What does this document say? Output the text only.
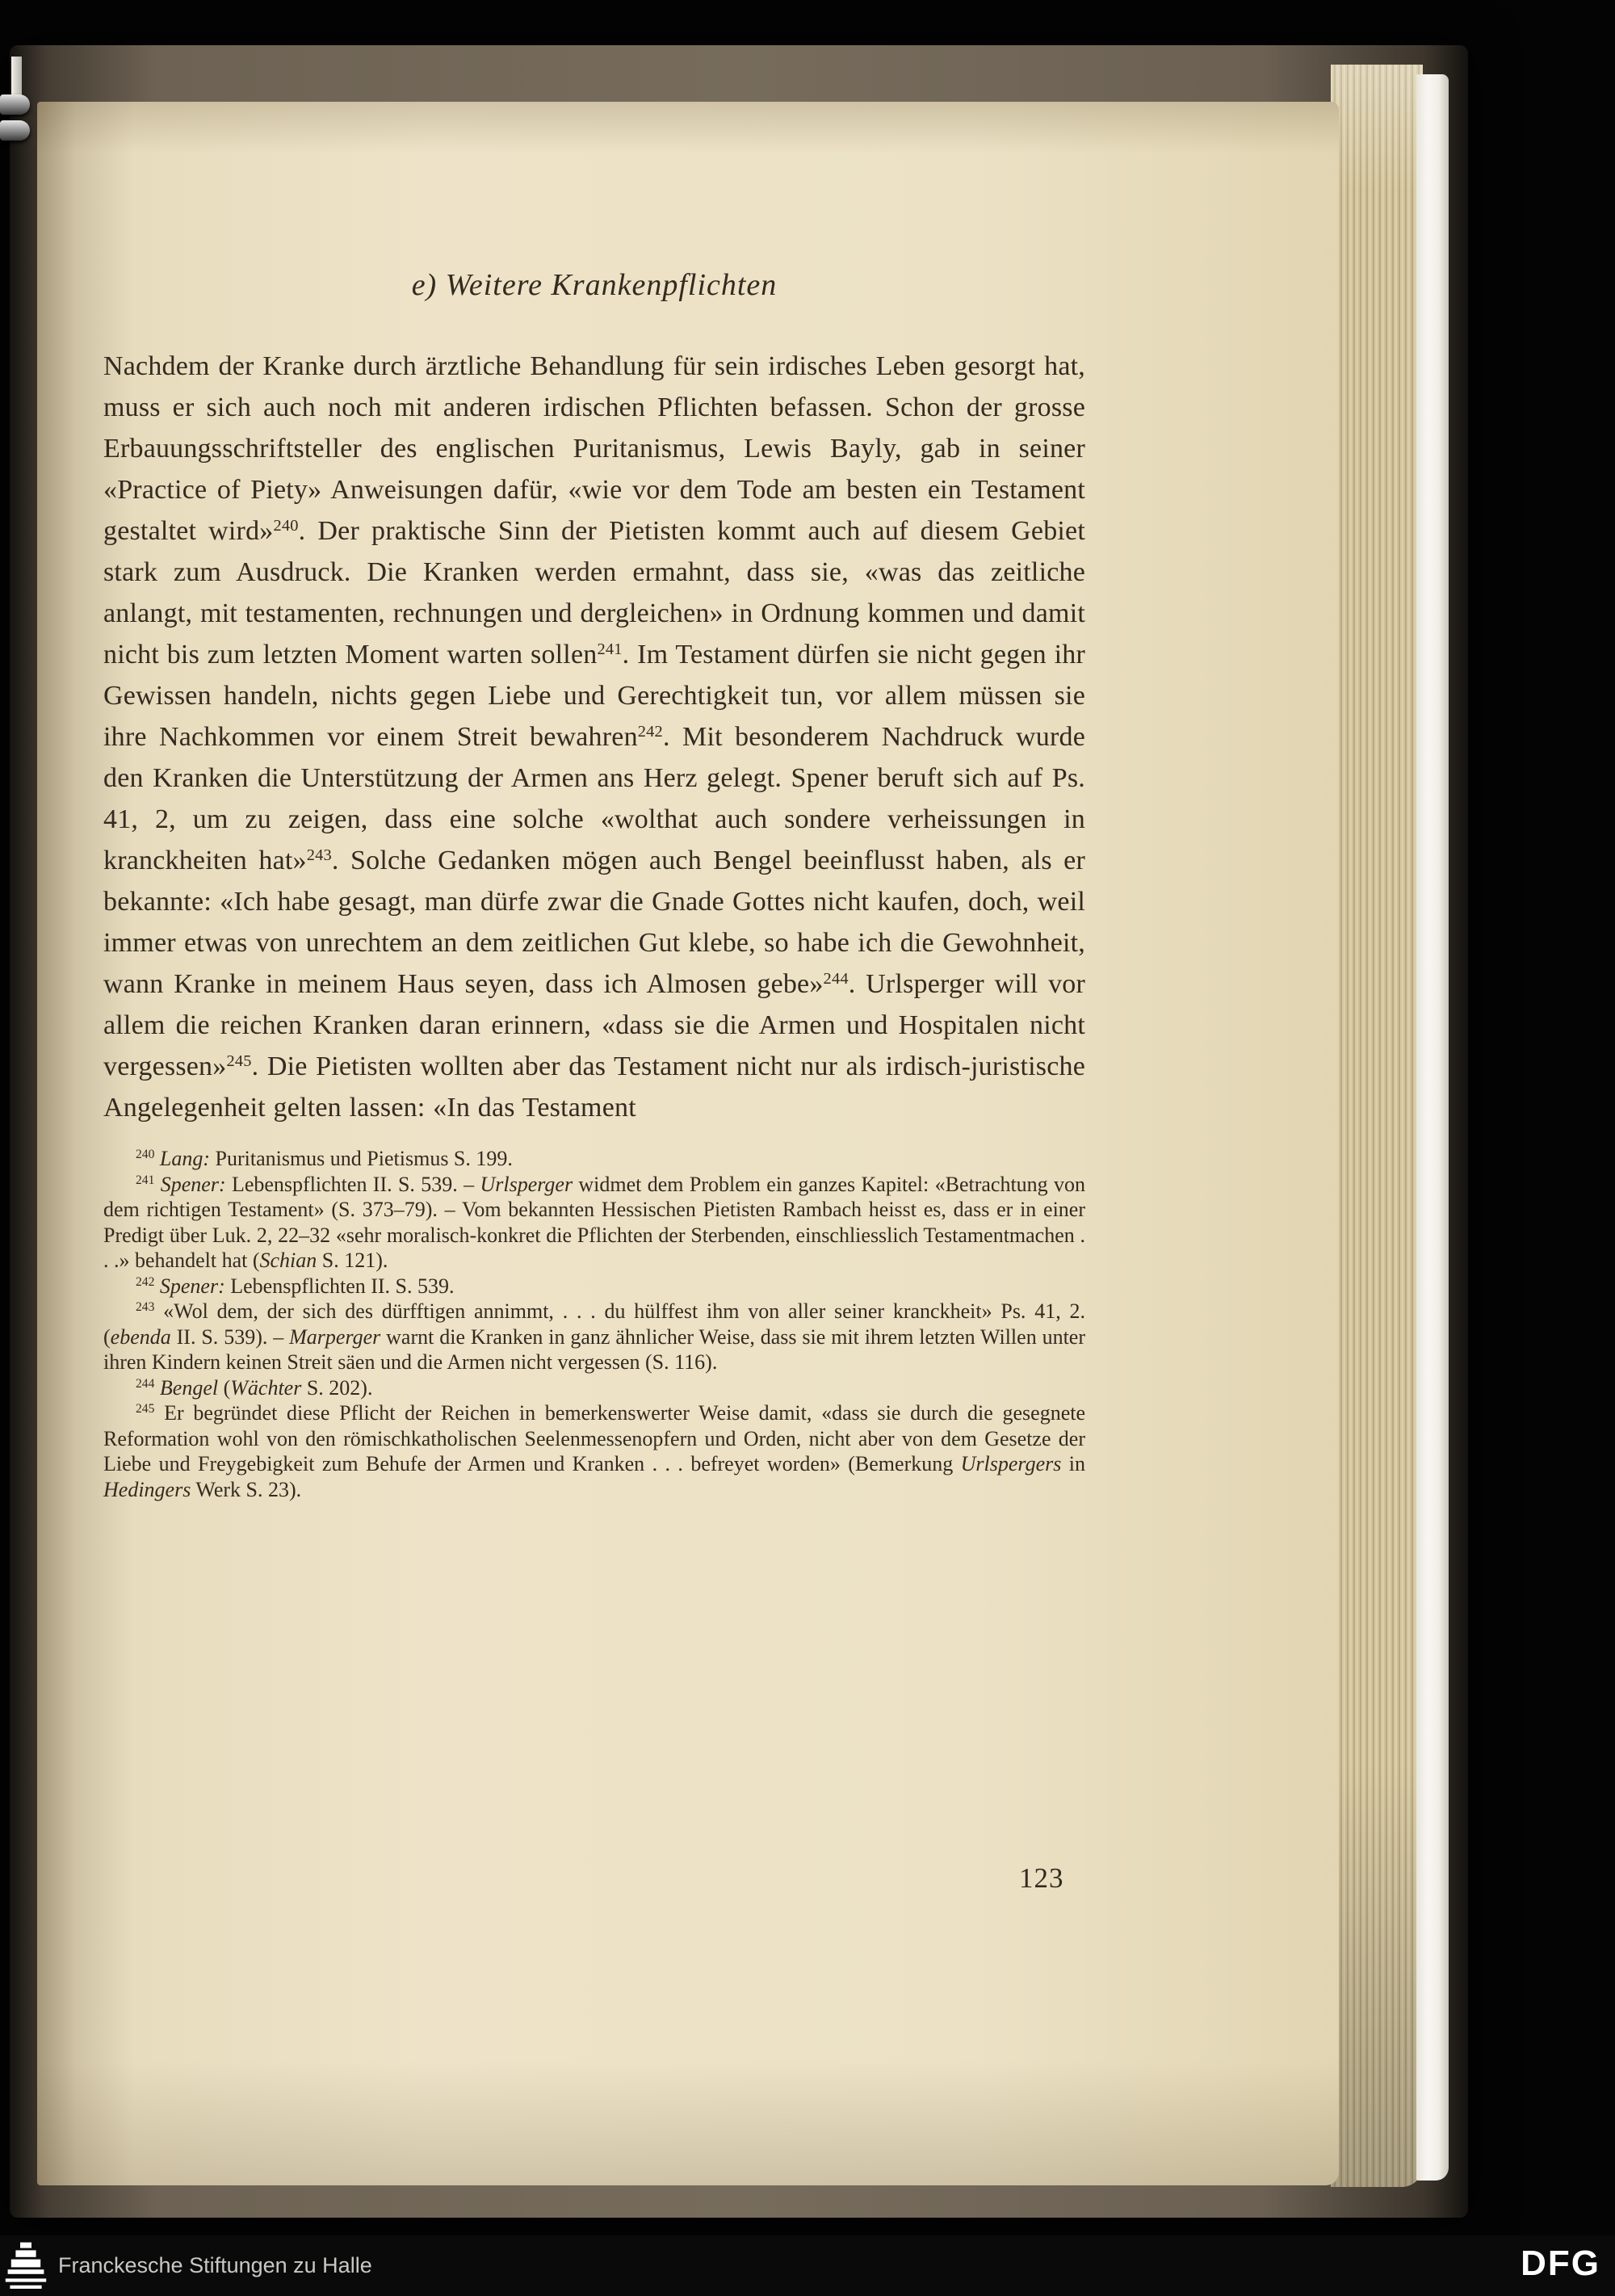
e) Weitere Krankenpflichten

Nachdem der Kranke durch ärztliche Behandlung für sein irdisches Leben gesorgt hat, muss er sich auch noch mit anderen irdischen Pflichten befassen. Schon der grosse Erbauungsschriftsteller des englischen Puritanismus, Lewis Bayly, gab in seiner «Practice of Piety» Anweisungen dafür, «wie vor dem Tode am besten ein Testament gestaltet wird»$^{240}$. Der praktische Sinn der Pietisten kommt auch auf diesem Gebiet stark zum Ausdruck. Die Kranken werden ermahnt, dass sie, «was das zeitliche anlangt, mit testamenten, rechnungen und dergleichen» in Ordnung kommen und damit nicht bis zum letzten Moment warten sollen$^{241}$. Im Testament dürfen sie nicht gegen ihr Gewissen handeln, nichts gegen Liebe und Gerechtigkeit tun, vor allem müssen sie ihre Nachkommen vor einem Streit bewahren$^{242}$. Mit besonderem Nachdruck wurde den Kranken die Unterstützung der Armen ans Herz gelegt. Spener beruft sich auf Ps. 41, 2, um zu zeigen, dass eine solche «wolthat auch sondere verheissungen in kranckheiten hat»$^{243}$. Solche Gedanken mögen auch Bengel beeinflusst haben, als er bekannte: «Ich habe gesagt, man dürfe zwar die Gnade Gottes nicht kaufen, doch, weil immer etwas von unrechtem an dem zeitlichen Gut klebe, so habe ich die Gewohnheit, wann Kranke in meinem Haus seyen, dass ich Almosen gebe»$^{244}$. Urlsperger will vor allem die reichen Kranken daran erinnern, «dass sie die Armen und Hospitalen nicht vergessen»$^{245}$. Die Pietisten wollten aber das Testament nicht nur als irdisch-juristische Angelegenheit gelten lassen: «In das Testament

$^{240}$ Lang: Puritanismus und Pietismus S. 199.

$^{241}$ Spener: Lebenspflichten II. S. 539. – Urlsperger widmet dem Problem ein ganzes Kapitel: «Betrachtung von dem richtigen Testament» (S. 373–79). – Vom bekannten Hessischen Pietisten Rambach heisst es, dass er in einer Predigt über Luk. 2, 22–32 «sehr moralisch-konkret die Pflichten der Sterbenden, einschliesslich Testamentmachen . . .» behandelt hat (Schian S. 121).

$^{242}$ Spener: Lebenspflichten II. S. 539.

$^{243}$ «Wol dem, der sich des dürfftigen annimmt, . . . du hülffest ihm von aller seiner kranckheit» Ps. 41, 2. (ebenda II. S. 539). – Marperger warnt die Kranken in ganz ähnlicher Weise, dass sie mit ihrem letzten Willen unter ihren Kindern keinen Streit säen und die Armen nicht vergessen (S. 116).

$^{244}$ Bengel (Wächter S. 202).

$^{245}$ Er begründet diese Pflicht der Reichen in bemerkenswerter Weise damit, «dass sie durch die gesegnete Reformation wohl von den römischkatholischen Seelenmessenopfern und Orden, nicht aber von dem Gesetze der Liebe und Freygebigkeit zum Behufe der Armen und Kranken . . . befreyet worden» (Bemerkung Urlspergers in Hedingers Werk S. 23).

123
Franckesche Stiftungen zu Halle	DFG
